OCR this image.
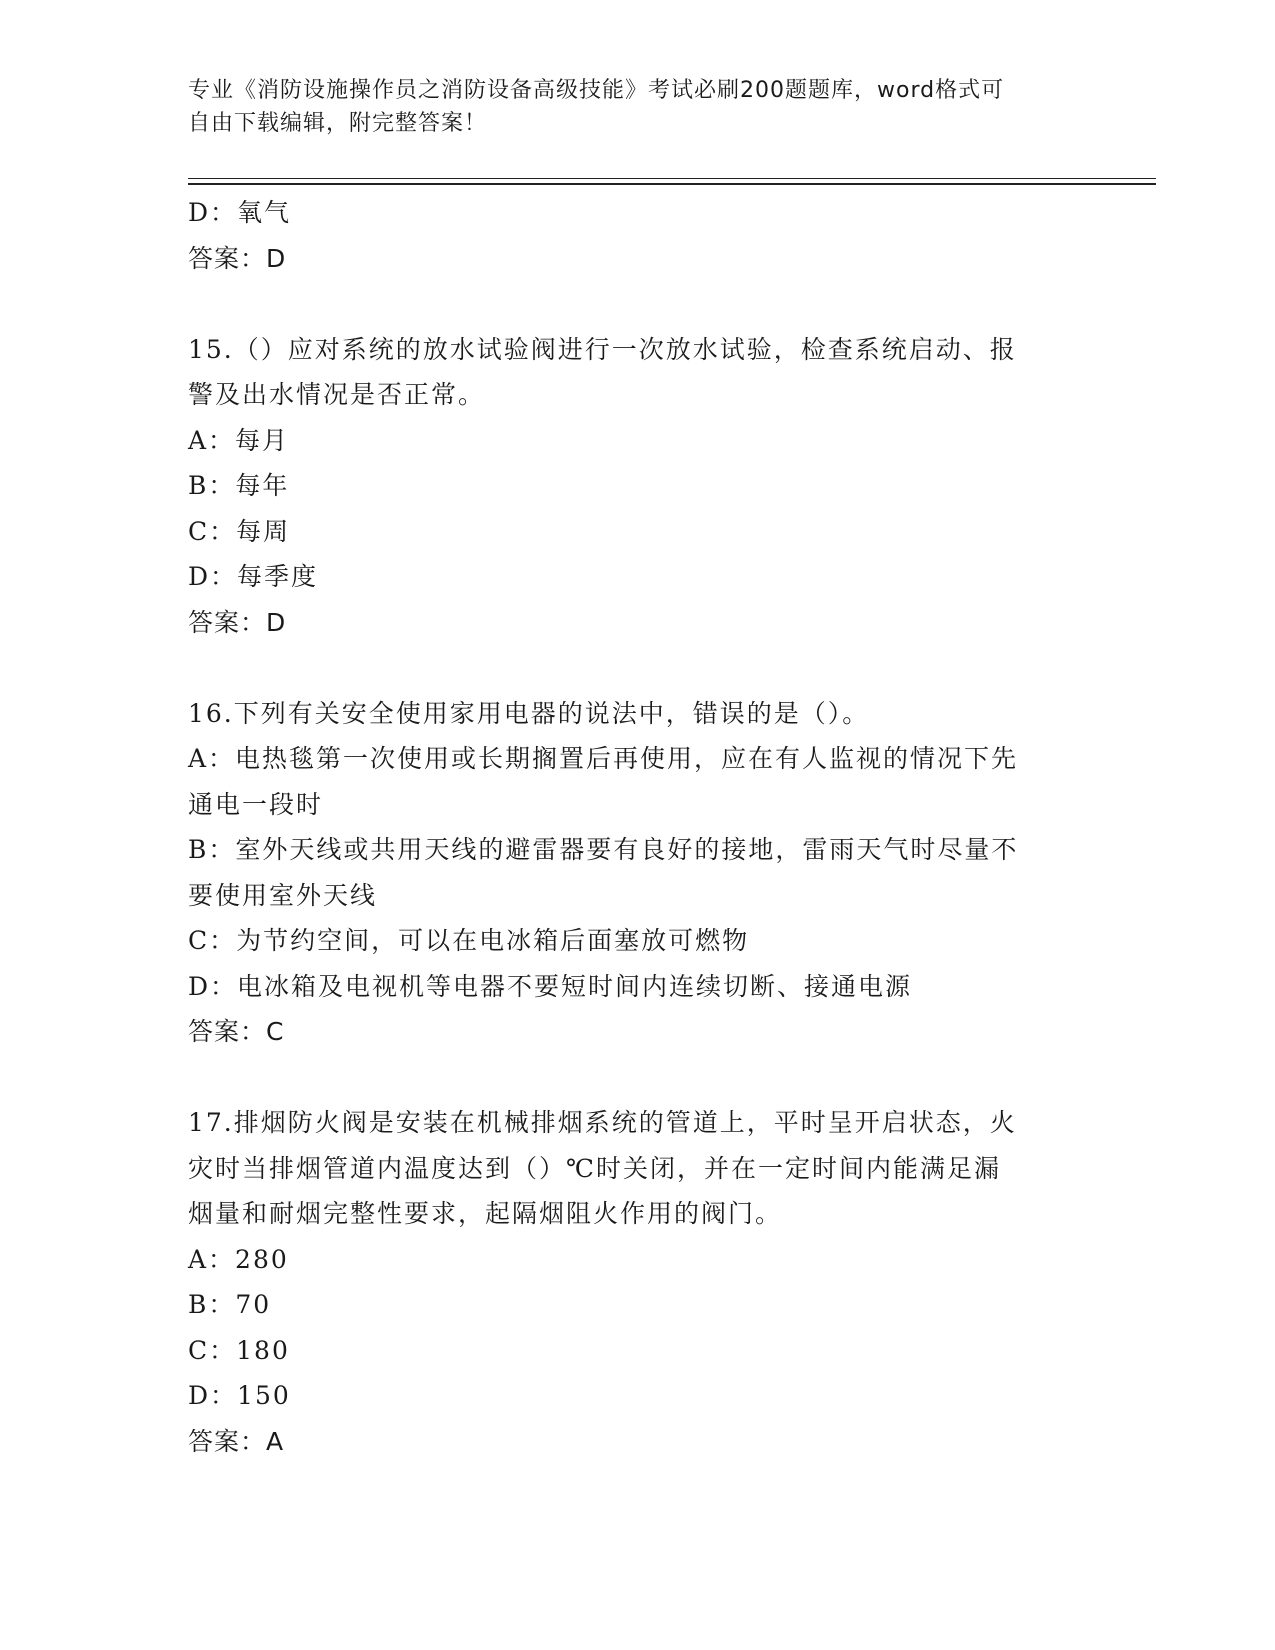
专业《消防设施操作员之消防设备高级技能》考试必刷200题题库，word格式可
自由下载编辑，附完整答案！
D：氧气
答案：D
15.（）应对系统的放水试验阀进行一次放水试验，检查系统启动、报
警及出水情况是否正常。
A：每月
B：每年
C：每周
D：每季度
答案：D
16.下列有关安全使用家用电器的说法中，错误的是（）。
A：电热毯第一次使用或长期搁置后再使用，应在有人监视的情况下先
通电一段时
B：室外天线或共用天线的避雷器要有良好的接地，雷雨天气时尽量不
要使用室外天线
C：为节约空间，可以在电冰箱后面塞放可燃物
D：电冰箱及电视机等电器不要短时间内连续切断、接通电源
答案：C
17.排烟防火阀是安装在机械排烟系统的管道上，平时呈开启状态，火
灾时当排烟管道内温度达到（）℃时关闭，并在一定时间内能满足漏
烟量和耐烟完整性要求，起隔烟阻火作用的阀门。
A：280
B：70
C：180
D：150
答案：A
